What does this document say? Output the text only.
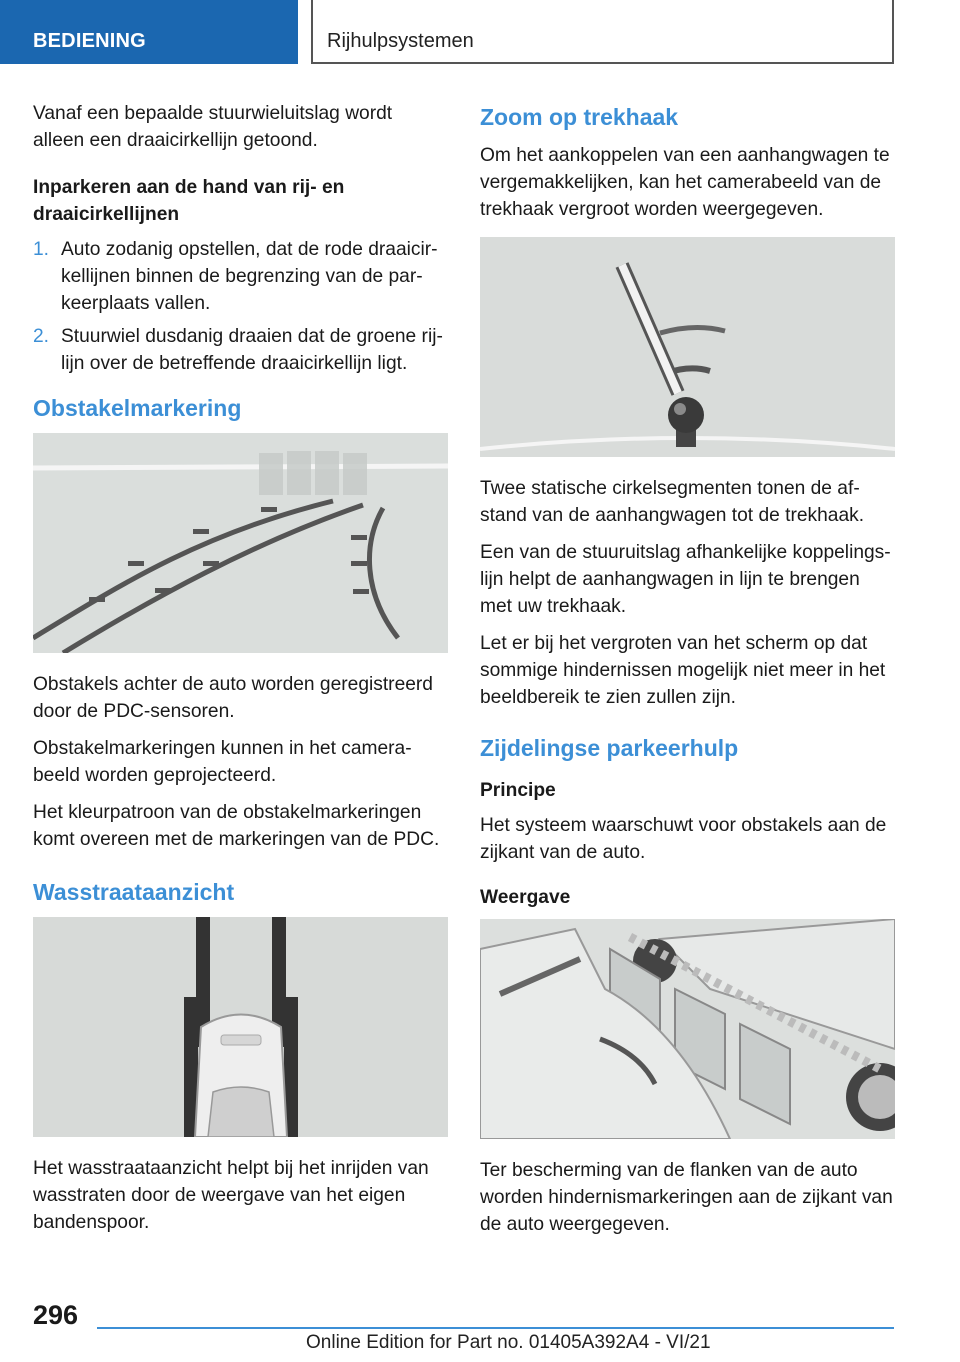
BEDIENING	Rijhulpsystemen

Vanaf een bepaalde stuurwieluitslag wordt alleen een draaicirkellijn getoond.

Inparkeren aan de hand van rij- en draaicirkellijnen
1. Auto zodanig opstellen, dat de rode draaicirkellijnen binnen de begrenzing van de parkeerplaats vallen.
2. Stuurwiel dusdanig draaien dat de groene rijlijn over de betreffende draaicirkellijn ligt.
Obstakelmarkering

Obstakels achter de auto worden geregistreerd door de PDC-sensoren.

Obstakelmarkeringen kunnen in het camerabeeld worden geprojecteerd.

Het kleurpatroon van de obstakelmarkeringen komt overeen met de markeringen van de PDC.

Wasstraataanzicht

Het wasstraataanzicht helpt bij het inrijden van wasstraten door de weergave van het eigen bandenspoor.

Zoom op trekhaak

Om het aankoppelen van een aanhangwagen te vergemakkelijken, kan het camerabeeld van de trekhaak vergroot worden weergegeven.

Twee statische cirkelsegmenten tonen de afstand van de aanhangwagen tot de trekhaak.

Een van de stuuruitslag afhankelijke koppelingslijn helpt de aanhangwagen in lijn te brengen met uw trekhaak.

Let er bij het vergroten van het scherm op dat sommige hindernissen mogelijk niet meer in het beeldbereik te zien zullen zijn.

Zijdelingse parkeerhulp
Principe

Het systeem waarschuwt voor obstakels aan de zijkant van de auto.

Weergave

Ter bescherming van de flanken van de auto worden hindernismarkeringen aan de zijkant van de auto weergegeven.

296
Online Edition for Part no. 01405A392A4 - VI/21
